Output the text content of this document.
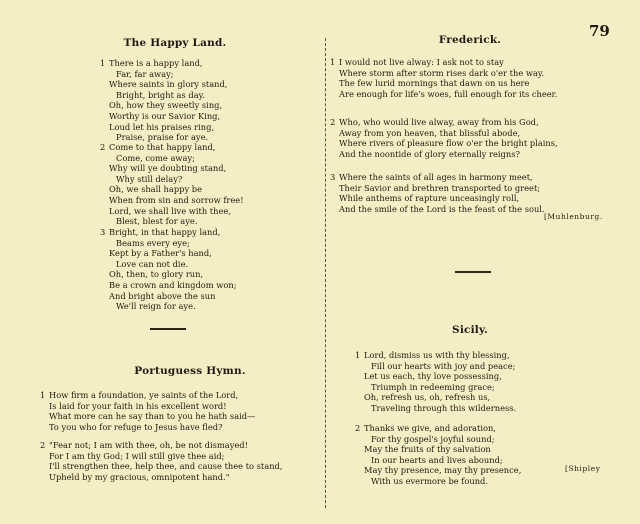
79
The Happy Land.
1 There is a happy land,
Far, far away;
Where saints in glory stand,
Bright, bright as day.
Oh, how they sweetly sing,
Worthy is our Savior King,
Loud let his praises ring,
Praise, praise for aye.
2 Come to that happy land,
Come, come away;
Why will ye doubting stand,
Why still delay?
Oh, we shall happy be
When from sin and sorrow free!
Lord, we shall live with thee,
Blest, blest for aye.
3 Bright, in that happy land,
Beams every eye;
Kept by a Father's hand,
Love can not die.
Oh, then, to glory run,
Be a crown and kingdom won;
And bright above the sun
We'll reign for aye.
Portuguess Hymn.
1 How firm a foundation, ye saints of the Lord,
Is laid for your faith in his excellent word!
What more can he say than to you he hath said—
To you who for refuge to Jesus have fled?
2 "Fear not; I am with thee, oh, be not dismayed!
For I am thy God; I will still give thee aid;
I'll strengthen thee, help thee, and cause thee to stand,
Upheld by my gracious, omnipotent hand."
Frederick.
1 I would not live alway: I ask not to stay
Where storm after storm rises dark o'er the way.
The few lurid mornings that dawn on us here
Are enough for life's woes, full enough for its cheer.
2 Who, who would live alway, away from his God,
Away from yon heaven, that blissful abode,
Where rivers of pleasure flow o'er the bright plains,
And the noontide of glory eternally reigns?
3 Where the saints of all ages in harmony meet,
Their Savior and brethren transported to greet;
While anthems of rapture unceasingly roll,
And the smile of the Lord is the feast of the soul.
[Muhlenburg.
Sicily.
1 Lord, dismiss us with thy blessing,
Fill our hearts with joy and peace;
Let us each, thy love possessing,
Triumph in redeeming grace;
Oh, refresh us, oh, refresh us,
Traveling through this wilderness.
2 Thanks we give, and adoration,
For thy gospel's joyful sound;
May the fruits of thy salvation
In our hearts and lives abound;
May thy presence, may thy presence,
With us evermore be found.
[Shipley
